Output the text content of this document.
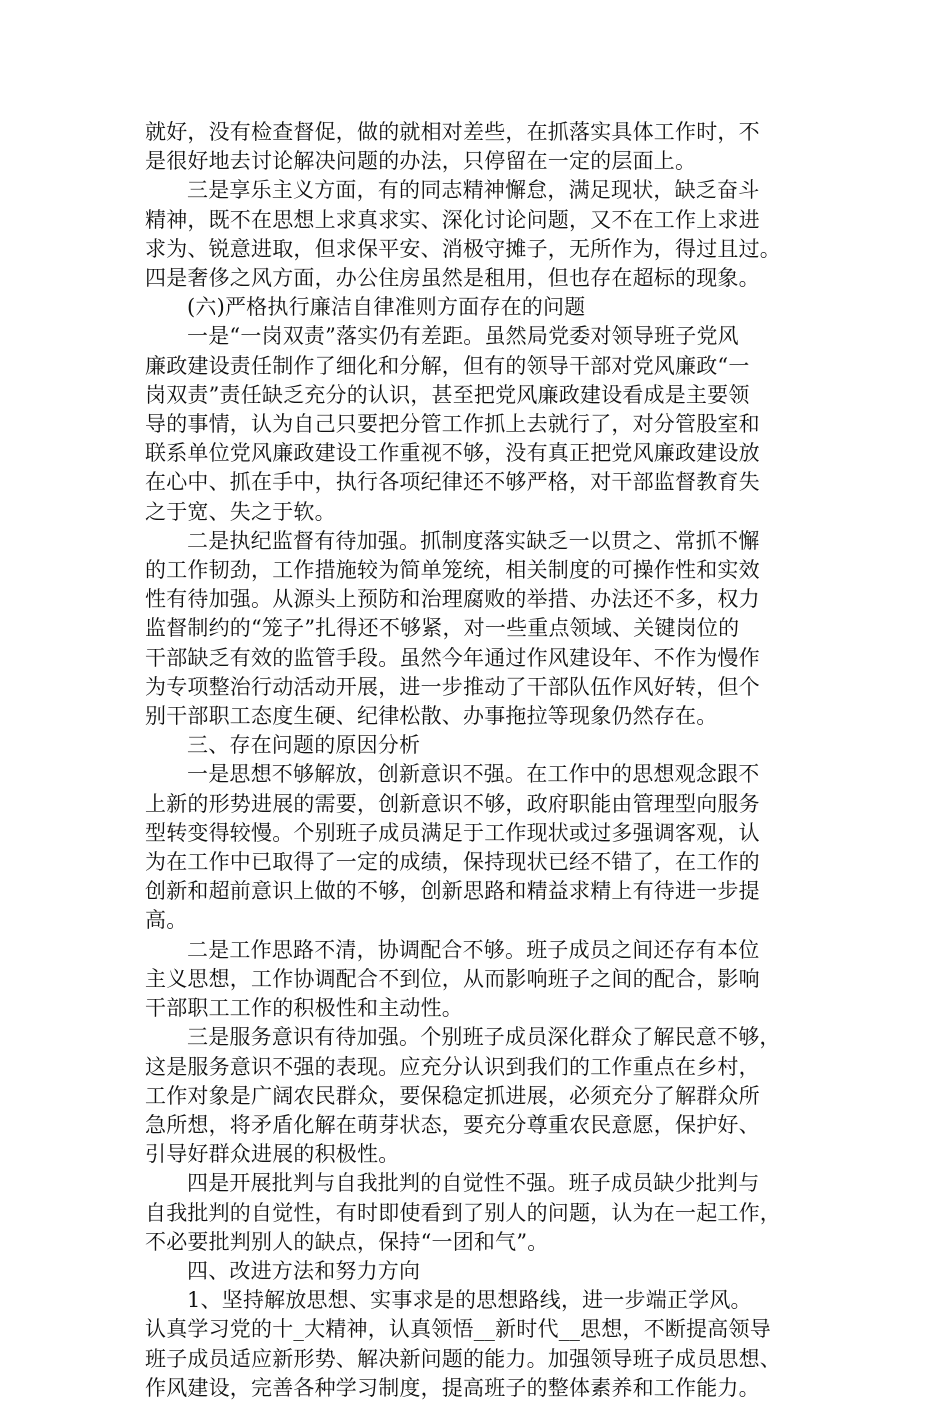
就好，没有检查督促，做的就相对差些，在抓落实具体工作时，不
是很好地去讨论解决问题的办法，只停留在一定的层面上。
三是享乐主义方面，有的同志精神懈怠，满足现状，缺乏奋斗
精神，既不在思想上求真求实、深化讨论问题，又不在工作上求进
求为、锐意进取，但求保平安、消极守摊子，无所作为，得过且过。
四是奢侈之风方面，办公住房虽然是租用，但也存在超标的现象。
(六)严格执行廉洁自律准则方面存在的问题
一是“一岗双责”落实仍有差距。虽然局党委对领导班子党风
廉政建设责任制作了细化和分解，但有的领导干部对党风廉政“一
岗双责”责任缺乏充分的认识，甚至把党风廉政建设看成是主要领
导的事情，认为自己只要把分管工作抓上去就行了，对分管股室和
联系单位党风廉政建设工作重视不够，没有真正把党风廉政建设放
在心中、抓在手中，执行各项纪律还不够严格，对干部监督教育失
之于宽、失之于软。
二是执纪监督有待加强。抓制度落实缺乏一以贯之、常抓不懈
的工作韧劲，工作措施较为简单笼统，相关制度的可操作性和实效
性有待加强。从源头上预防和治理腐败的举措、办法还不多，权力
监督制约的“笼子”扎得还不够紧，对一些重点领域、关键岗位的
干部缺乏有效的监管手段。虽然今年通过作风建设年、不作为慢作
为专项整治行动活动开展，进一步推动了干部队伍作风好转，但个
别干部职工态度生硬、纪律松散、办事拖拉等现象仍然存在。
三、存在问题的原因分析
一是思想不够解放，创新意识不强。在工作中的思想观念跟不
上新的形势进展的需要，创新意识不够，政府职能由管理型向服务
型转变得较慢。个别班子成员满足于工作现状或过多强调客观，认
为在工作中已取得了一定的成绩，保持现状已经不错了，在工作的
创新和超前意识上做的不够，创新思路和精益求精上有待进一步提
高。
二是工作思路不清，协调配合不够。班子成员之间还存有本位
主义思想，工作协调配合不到位，从而影响班子之间的配合，影响
干部职工工作的积极性和主动性。
三是服务意识有待加强。个别班子成员深化群众了解民意不够，
这是服务意识不强的表现。应充分认识到我们的工作重点在乡村，
工作对象是广阔农民群众，要保稳定抓进展，必须充分了解群众所
急所想，将矛盾化解在萌芽状态，要充分尊重农民意愿，保护好、
引导好群众进展的积极性。
四是开展批判与自我批判的自觉性不强。班子成员缺少批判与
自我批判的自觉性，有时即使看到了别人的问题，认为在一起工作，
不必要批判别人的缺点，保持“一团和气”。
四、改进方法和努力方向
1、坚持解放思想、实事求是的思想路线，进一步端正学风。
认真学习党的十_大精神，认真领悟__新时代__思想，不断提高领导
班子成员适应新形势、解决新问题的能力。加强领导班子成员思想、
作风建设，完善各种学习制度，提高班子的整体素养和工作能力。
